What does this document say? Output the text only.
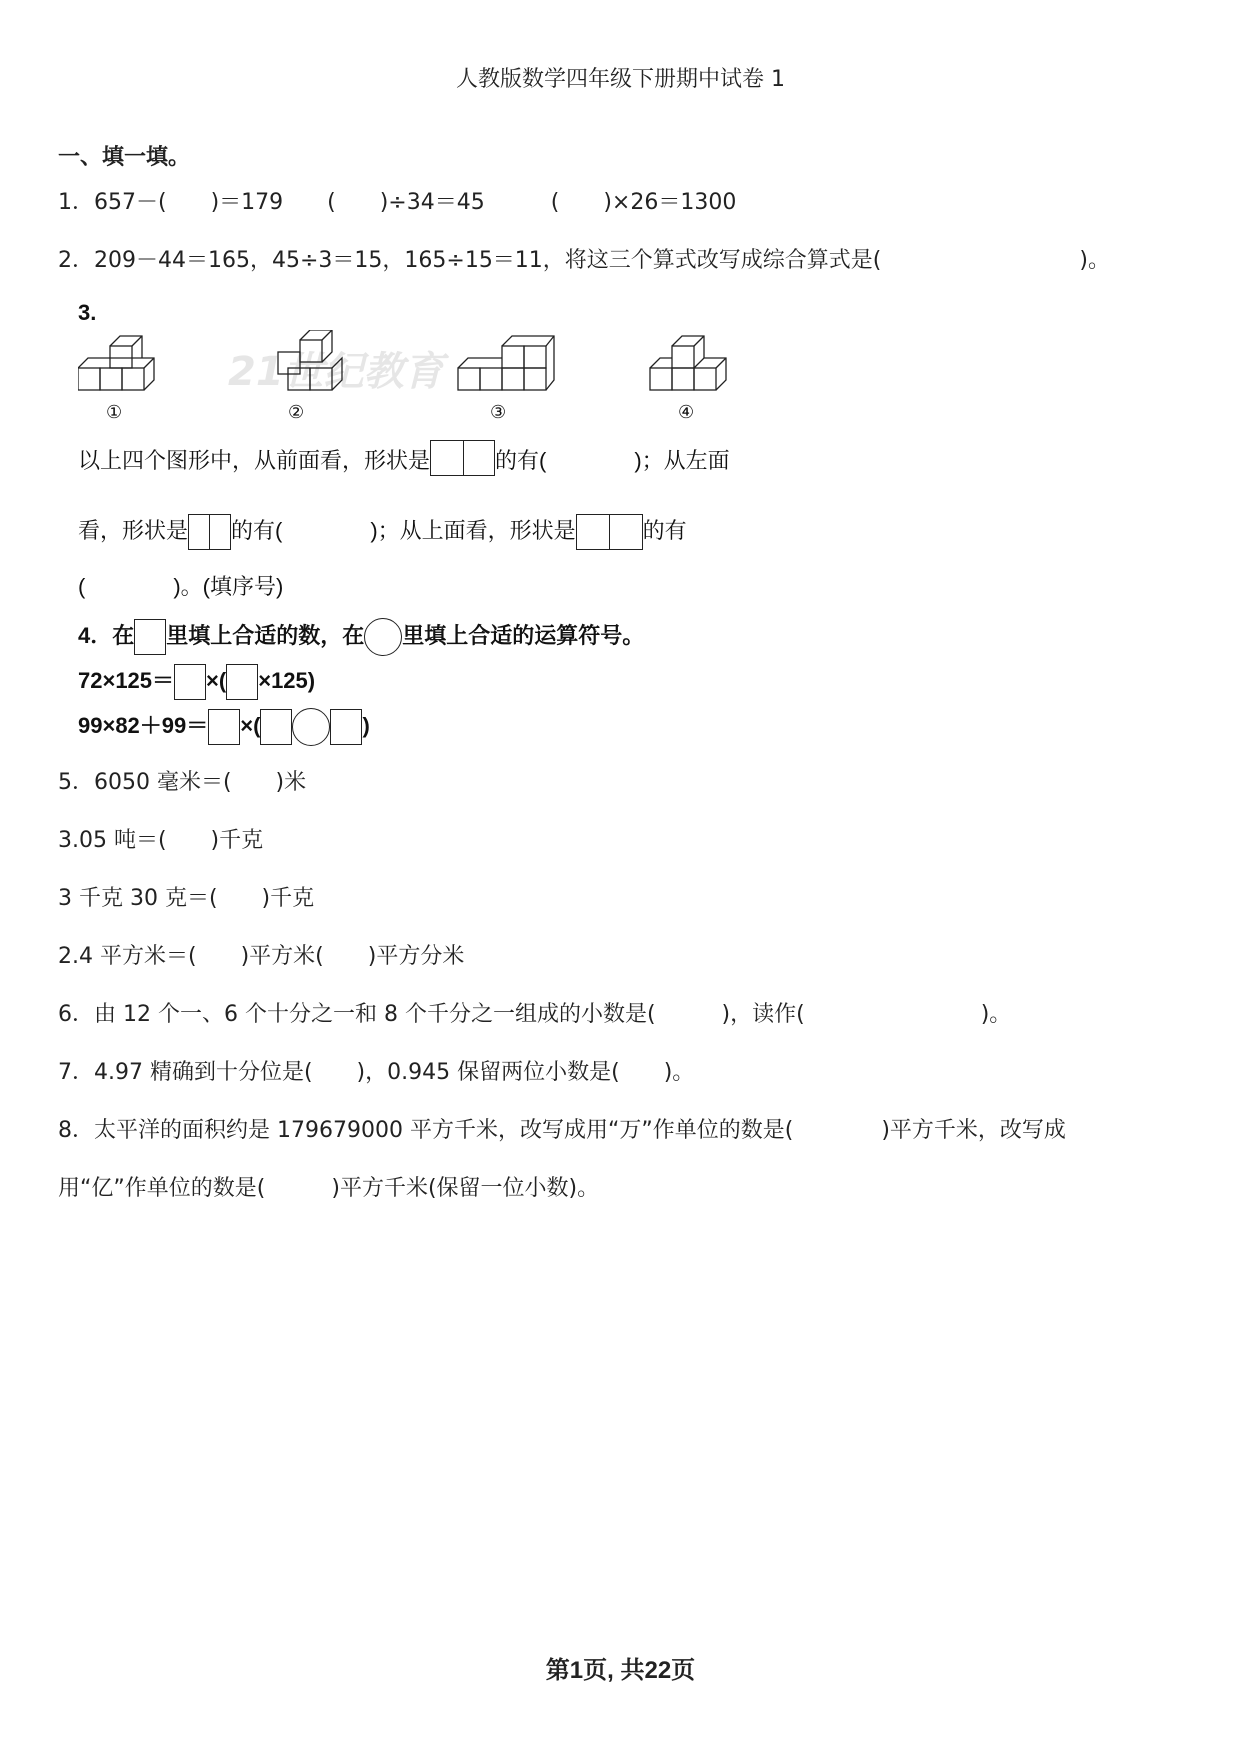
人教版数学四年级下册期中试卷 1
一、填一填。
1．657－(　　)＝179　　(　　)÷34＝45　　　(　　)×26＝1300
2．209－44＝165，45÷3＝15，165÷15＝11，将这三个算式改写成综合算式是(　　　　　　　　　)。
3.
21世纪教育
①	②	③	④
以上四个图形中，从前面看，形状是	的有(　　　　)；从左面
看，形状是 的有(　　　　)；从上面看，形状是	的有
(　　　　)。(填序号)
4．在 里填上合适的数，在 里填上合适的运算符号。
72×125＝ ×( ×125)
99×82＋99＝ ×(	)
5．6050 毫米＝(　　)米
3.05 吨＝(　　)千克
3 千克 30 克＝(　　)千克
2.4 平方米＝(　　)平方米(　　)平方分米
6．由 12 个一、6 个十分之一和 8 个千分之一组成的小数是(　　　)，读作(　　　　　　　　)。
7．4.97 精确到十分位是(　　)，0.945 保留两位小数是(　　)。
8．太平洋的面积约是 179679000 平方千米，改写成用“万”作单位的数是(　　　　)平方千米，改写成
用“亿”作单位的数是(　　　)平方千米(保留一位小数)。
第1页, 共22页
